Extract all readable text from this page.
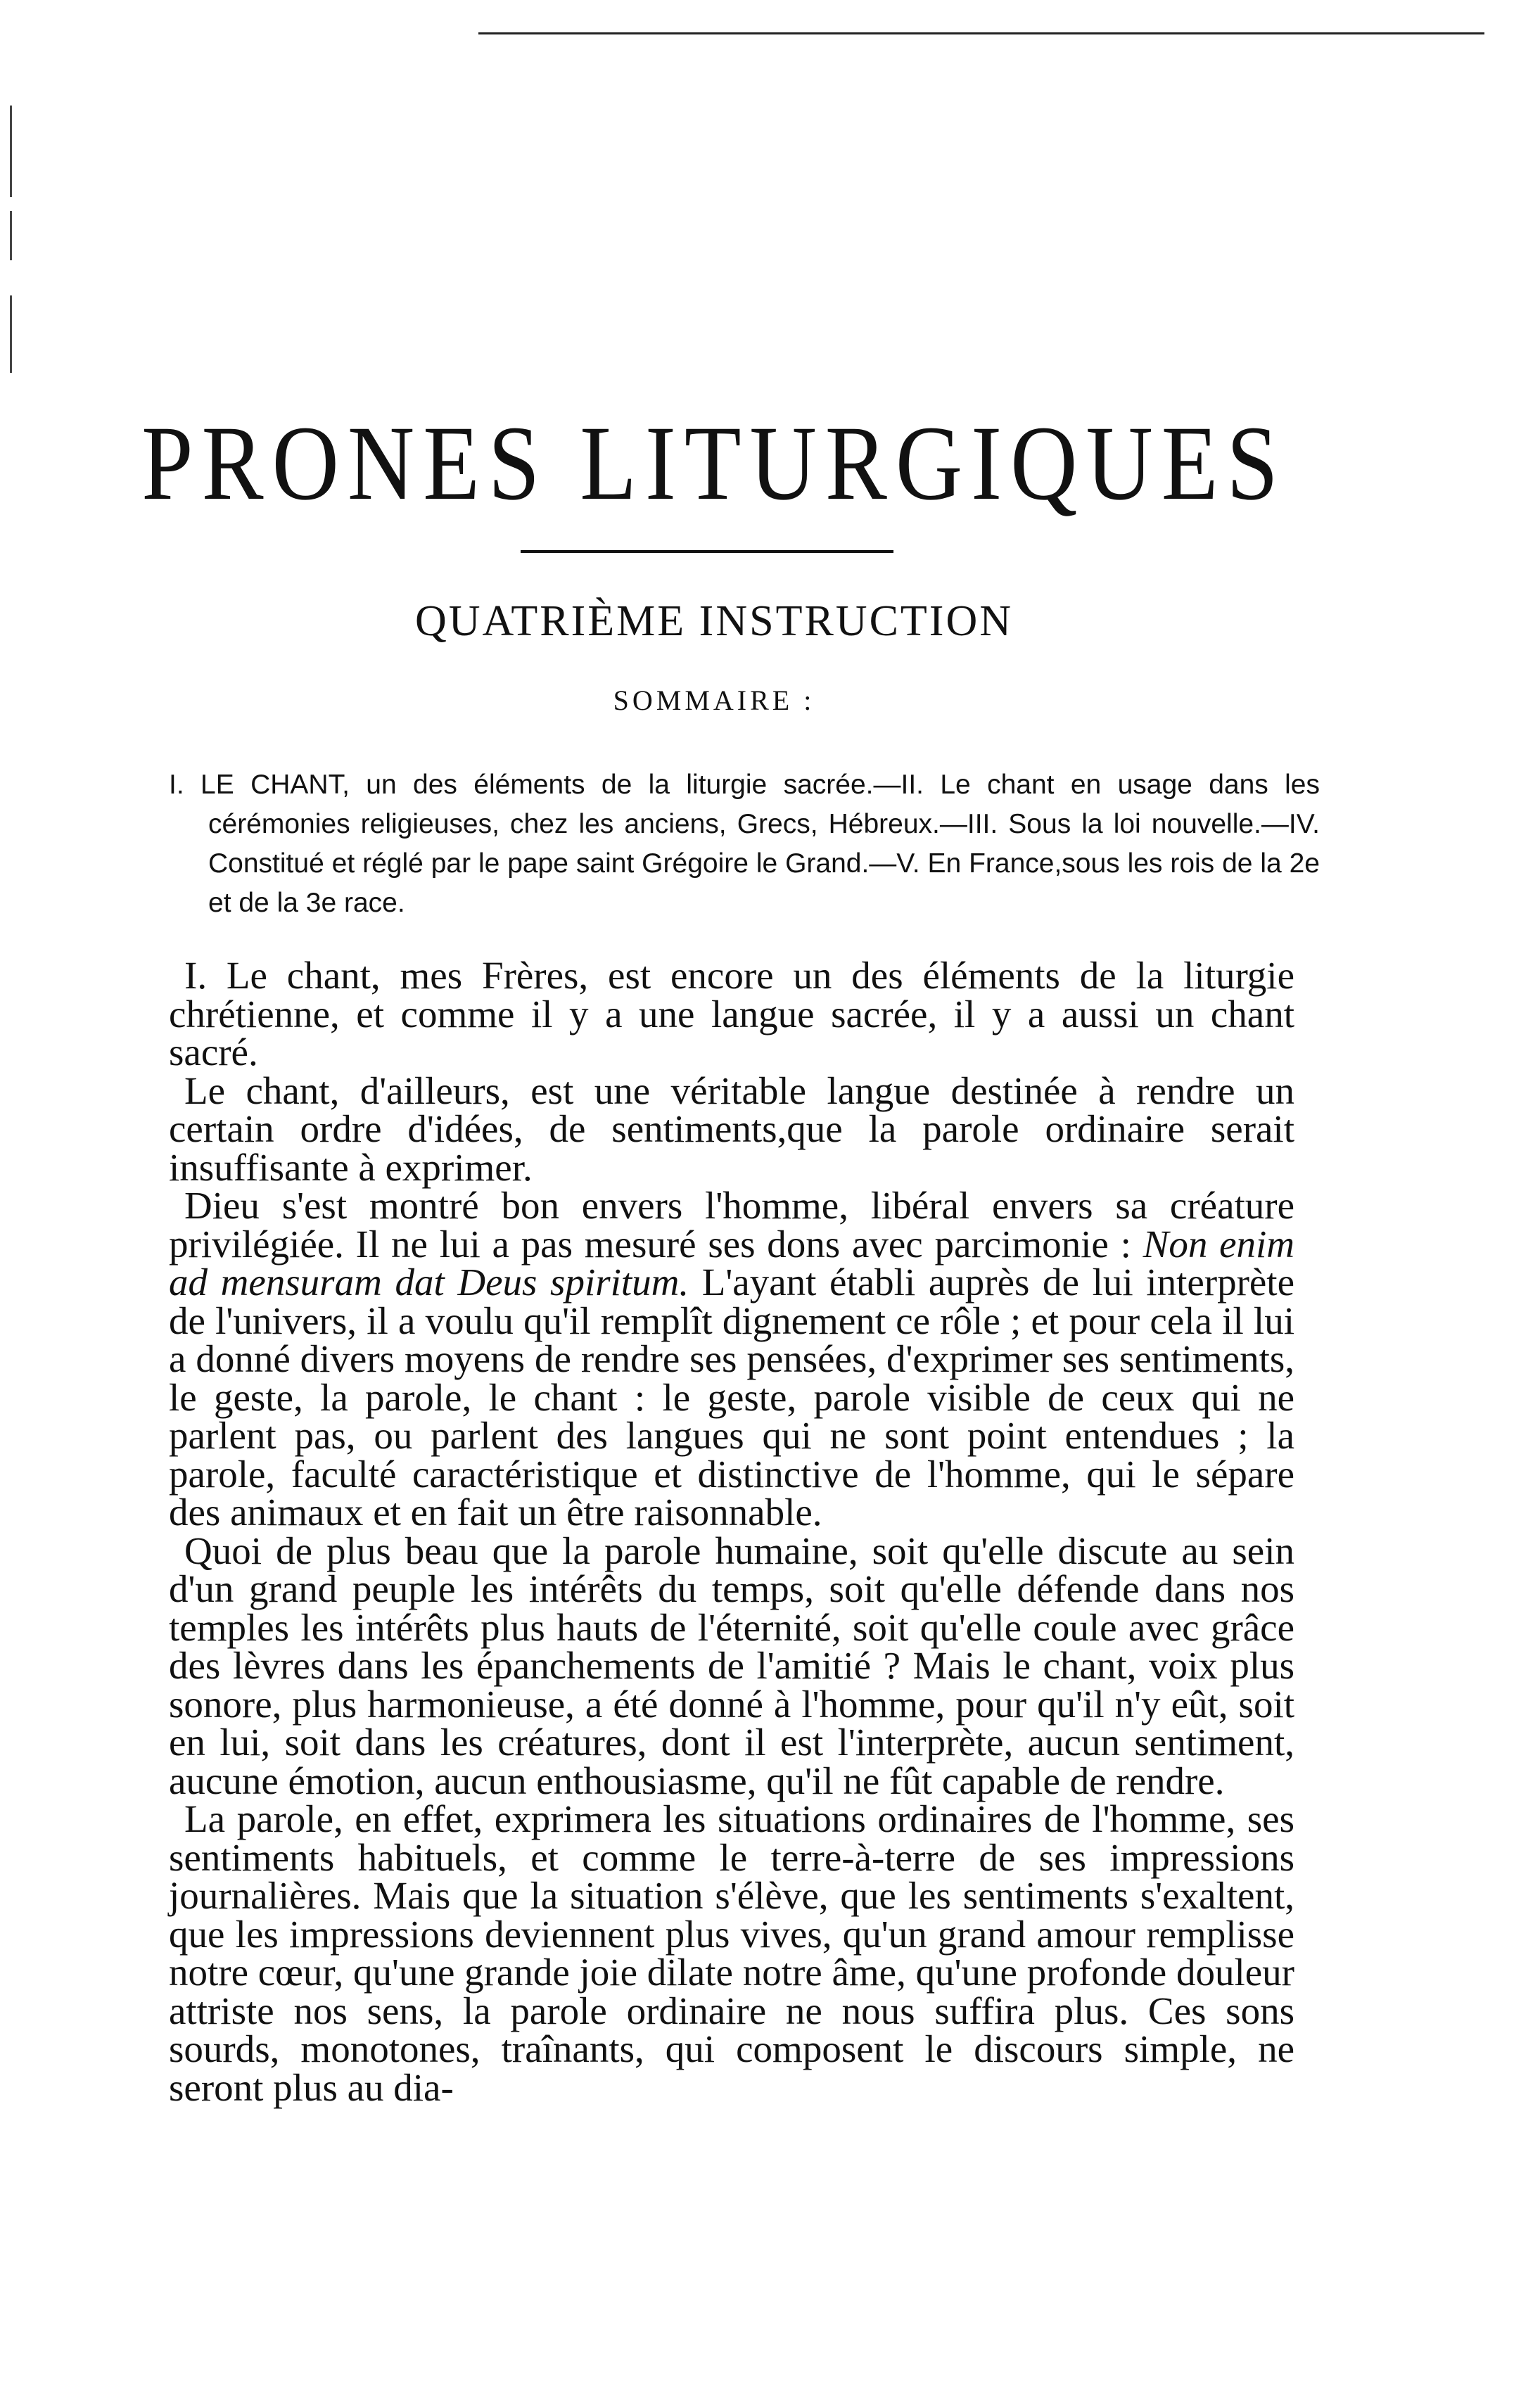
PRONES LITURGIQUES
QUATRIÈME INSTRUCTION
SOMMAIRE :

I. LE CHANT, un des éléments de la liturgie sacrée.—II. Le chant en usage dans les cérémonies religieuses, chez les anciens, Grecs, Hébreux.—III. Sous la loi nouvelle.—IV. Constitué et réglé par le pape saint Grégoire le Grand.—V. En France,sous les rois de la 2e et de la 3e race.

I. Le chant, mes Frères, est encore un des éléments de la liturgie chrétienne, et comme il y a une langue sacrée, il y a aussi un chant sacré.

Le chant, d'ailleurs, est une véritable langue destinée à rendre un certain ordre d'idées, de sentiments,que la parole ordinaire serait insuffisante à exprimer.

Dieu s'est montré bon envers l'homme, libéral envers sa créature privilégiée. Il ne lui a pas mesuré ses dons avec parcimonie : Non enim ad mensuram dat Deus spiritum. L'ayant établi auprès de lui interprète de l'univers, il a voulu qu'il remplît dignement ce rôle ; et pour cela il lui a donné divers moyens de rendre ses pensées, d'exprimer ses sentiments, le geste, la parole, le chant : le geste, parole visible de ceux qui ne parlent pas, ou parlent des langues qui ne sont point entendues ; la parole, faculté caractéristique et distinctive de l'homme, qui le sépare des animaux et en fait un être raisonnable.

Quoi de plus beau que la parole humaine, soit qu'elle discute au sein d'un grand peuple les intérêts du temps, soit qu'elle défende dans nos temples les intérêts plus hauts de l'éternité, soit qu'elle coule avec grâce des lèvres dans les épanchements de l'amitié ? Mais le chant, voix plus sonore, plus harmonieuse, a été donné à l'homme, pour qu'il n'y eût, soit en lui, soit dans les créatures, dont il est l'interprète, aucun sentiment, aucune émotion, aucun enthousiasme, qu'il ne fût capable de rendre.

La parole, en effet, exprimera les situations ordinaires de l'homme, ses sentiments habituels, et comme le terre-à-terre de ses impressions journalières. Mais que la situation s'élève, que les sentiments s'exaltent, que les impressions deviennent plus vives, qu'un grand amour remplisse notre cœur, qu'une grande joie dilate notre âme, qu'une profonde douleur attriste nos sens, la parole ordinaire ne nous suffira plus. Ces sons sourds, monotones, traînants, qui composent le discours simple, ne seront plus au dia-
